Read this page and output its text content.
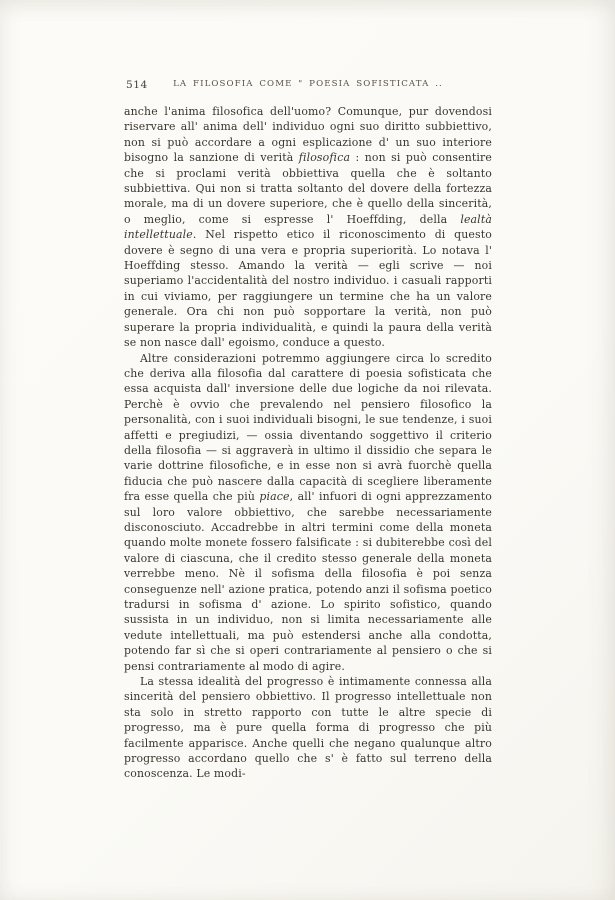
514	LA FILOSOFIA COME " POESIA SOFISTICATA ..

anche l'anima filosofica dell'uomo? Comunque, pur dovendosi riservare all' anima dell' individuo ogni suo diritto subbiettivo, non si può accordare a ogni esplicazione d' un suo interiore bisogno la sanzione di verità filosofica : non si può consentire che si proclami verità obbiettiva quella che è soltanto subbiettiva. Qui non si tratta soltanto del dovere della fortezza morale, ma di un dovere superiore, che è quello della sincerità, o meglio, come si espresse l' Hoeffding, della lealtà intellettuale. Nel rispetto etico il riconoscimento di questo dovere è segno di una vera e propria superiorità. Lo notava l' Hoeffding stesso. Amando la verità — egli scrive — noi superiamo l'accidentalità del nostro individuo. i casuali rapporti in cui viviamo, per raggiungere un termine che ha un valore generale. Ora chi non può sopportare la verità, non può superare la propria individualità, e quindi la paura della verità se non nasce dall' egoismo, conduce a questo.

Altre considerazioni potremmo aggiungere circa lo scredito che deriva alla filosofia dal carattere di poesia sofisticata che essa acquista dall' inversione delle due logiche da noi rilevata. Perchè è ovvio che prevalendo nel pensiero filosofico la personalità, con i suoi individuali bisogni, le sue tendenze, i suoi affetti e pregiudizi, — ossia diventando soggettivo il criterio della filosofia — si aggraverà in ultimo il dissidio che separa le varie dottrine filosofiche, e in esse non si avrà fuorchè quella fiducia che può nascere dalla capacità di scegliere liberamente fra esse quella che più piace, all' infuori di ogni apprezzamento sul loro valore obbiettivo, che sarebbe necessariamente disconosciuto. Accadrebbe in altri termini come della moneta quando molte monete fossero falsificate : si dubiterebbe così del valore di ciascuna, che il credito stesso generale della moneta verrebbe meno. Nè il sofisma della filosofia è poi senza conseguenze nell' azione pratica, potendo anzi il sofisma poetico tradursi in sofisma d' azione. Lo spirito sofistico, quando sussista in un individuo, non si limita necessariamente alle vedute intellettuali, ma può estendersi anche alla condotta, potendo far sì che si operi contrariamente al pensiero o che si pensi contrariamente al modo di agire.

La stessa idealità del progresso è intimamente connessa alla sincerità del pensiero obbiettivo. Il progresso intellettuale non sta solo in stretto rapporto con tutte le altre specie di progresso, ma è pure quella forma di progresso che più facilmente apparisce. Anche quelli che negano qualunque altro progresso accordano quello che s' è fatto sul terreno della conoscenza. Le modi-
